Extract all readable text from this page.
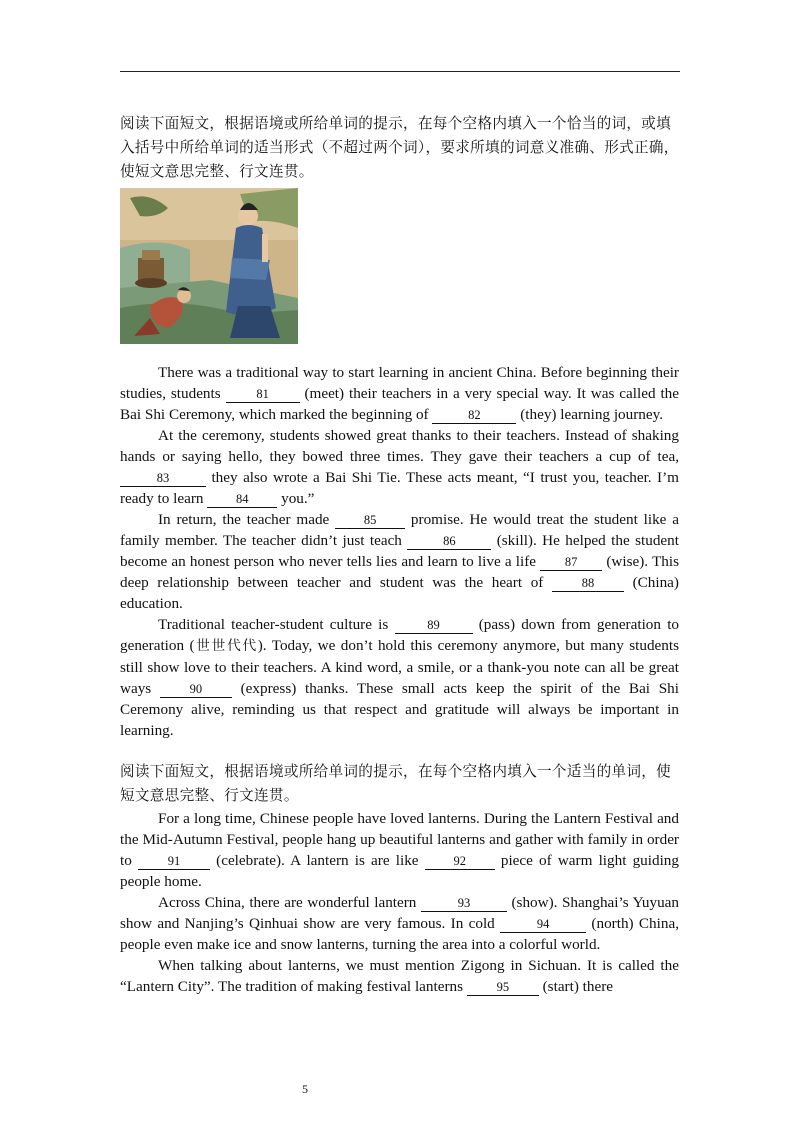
阅读下面短文，根据语境或所给单词的提示，在每个空格内填入一个恰当的词，或填入括号中所给单词的适当形式（不超过两个词），要求所填的词意义准确、形式正确，使短文意思完整、行文连贯。

There was a traditional way to start learning in ancient China. Before beginning their studies, students 81 (meet) their teachers in a very special way. It was called the Bai Shi Ceremony, which marked the beginning of	82 (they) learning journey.

At the ceremony, students showed great thanks to their teachers. Instead of shaking hands or saying hello, they bowed three times. They gave their teachers a cup of tea, 83 they also wrote a Bai Shi Tie. These acts meant, “I trust you, teacher. I’m ready to learn 84 you.”

In return, the teacher made 85 promise. He would treat the student like a family member. The teacher didn’t just teach	86 (skill). He helped the student become an honest person who never tells lies and learn to live a life 87 (wise). This deep relationship between teacher and student was the heart of 88 (China) education.

Traditional teacher-student culture is	89 (pass) down from generation to generation (世世代代). Today, we don’t hold this ceremony anymore, but many students still show love to their teachers. A kind word, a smile, or a thank-you note can all be great ways 90 (express) thanks. These small acts keep the spirit of the Bai Shi Ceremony alive, reminding us that respect and gratitude will always be important in learning.

阅读下面短文，根据语境或所给单词的提示，在每个空格内填入一个适当的单词，使短文意思完整、行文连贯。

For a long time, Chinese people have loved lanterns. During the Lantern Festival and the Mid-Autumn Festival, people hang up beautiful lanterns and gather with family in order to 91 (celebrate). A lantern is are like 92 piece of warm light guiding people home.

Across China, there are wonderful lantern	93 (show). Shanghai’s Yuyuan show and Nanjing’s Qinhuai show are very famous. In cold	94 (north) China, people even make ice and snow lanterns, turning the area into a colorful world.

When talking about lanterns, we must mention Zigong in Sichuan. It is called the “Lantern City”. The tradition of making festival lanterns 95 (start) there

5
